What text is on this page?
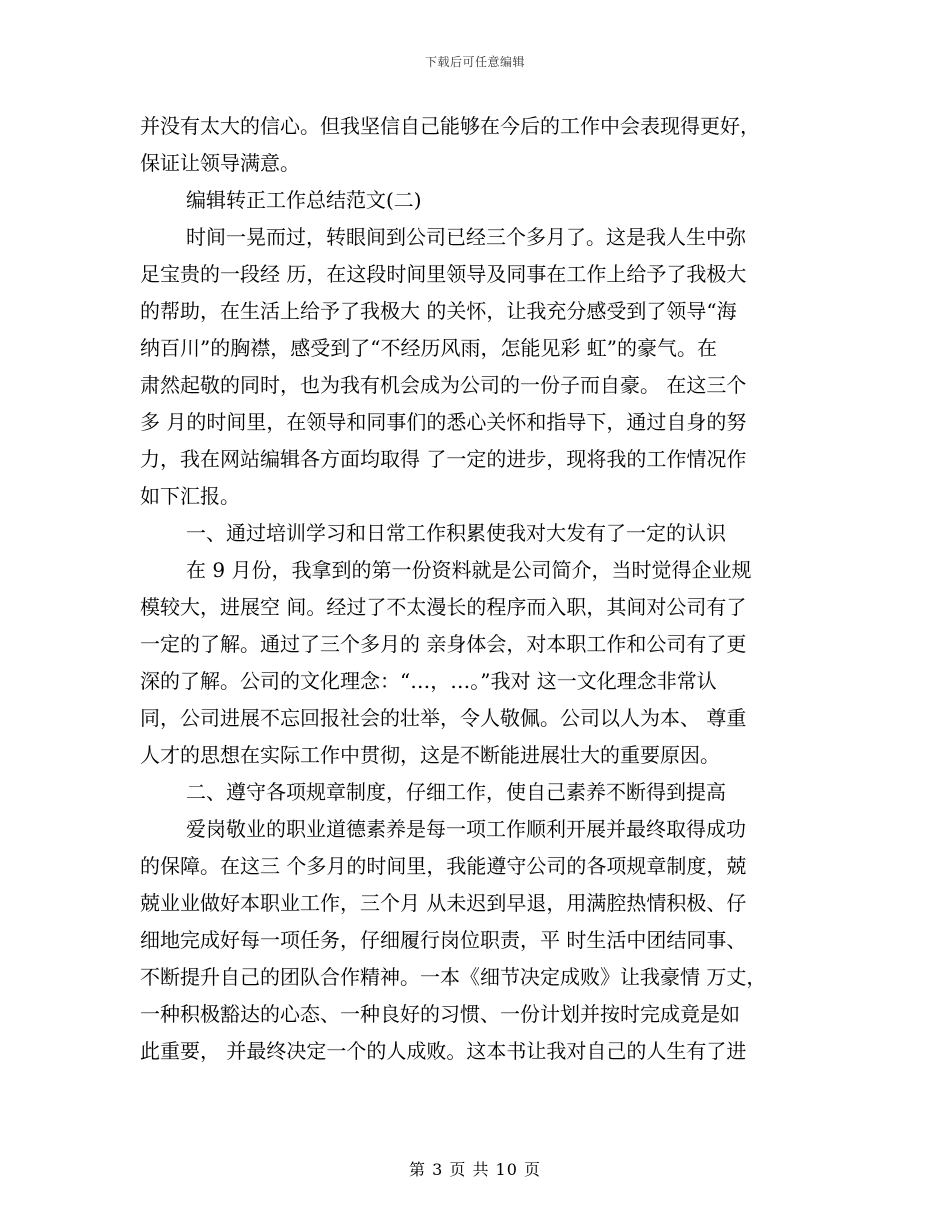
下载后可任意编辑
并没有太大的信心。但我坚信自己能够在今后的工作中会表现得更好，
保证让领导满意。
编辑转正工作总结范文(二)
时间一晃而过，转眼间到公司已经三个多月了。这是我人生中弥
足宝贵的一段经 历，在这段时间里领导及同事在工作上给予了我极大
的帮助，在生活上给予了我极大 的关怀，让我充分感受到了领导“海
纳百川”的胸襟，感受到了“不经历风雨，怎能见彩 虹”的豪气。在
肃然起敬的同时，也为我有机会成为公司的一份子而自豪。 在这三个
多 月的时间里，在领导和同事们的悉心关怀和指导下，通过自身的努
力，我在网站编辑各方面均取得 了一定的进步，现将我的工作情况作
如下汇报。
一、通过培训学习和日常工作积累使我对大发有了一定的认识
在 9 月份，我拿到的第一份资料就是公司简介，当时觉得企业规
模较大，进展空 间。经过了不太漫长的程序而入职，其间对公司有了
一定的了解。通过了三个多月的 亲身体会，对本职工作和公司有了更
深的了解。公司的文化理念：“…，…。”我对 这一文化理念非常认
同，公司进展不忘回报社会的壮举，令人敬佩。公司以人为本、 尊重
人才的思想在实际工作中贯彻，这是不断能进展壮大的重要原因。
二、遵守各项规章制度，仔细工作，使自己素养不断得到提高
爱岗敬业的职业道德素养是每一项工作顺利开展并最终取得成功
的保障。在这三 个多月的时间里，我能遵守公司的各项规章制度，兢
兢业业做好本职业工作，三个月 从未迟到早退，用满腔热情积极、仔
细地完成好每一项任务，仔细履行岗位职责，平 时生活中团结同事、
不断提升自己的团队合作精神。一本《细节决定成败》让我豪情 万丈，
一种积极豁达的心态、一种良好的习惯、一份计划并按时完成竟是如
此重要， 并最终决定一个的人成败。这本书让我对自己的人生有了进
第 3 页 共 10 页
